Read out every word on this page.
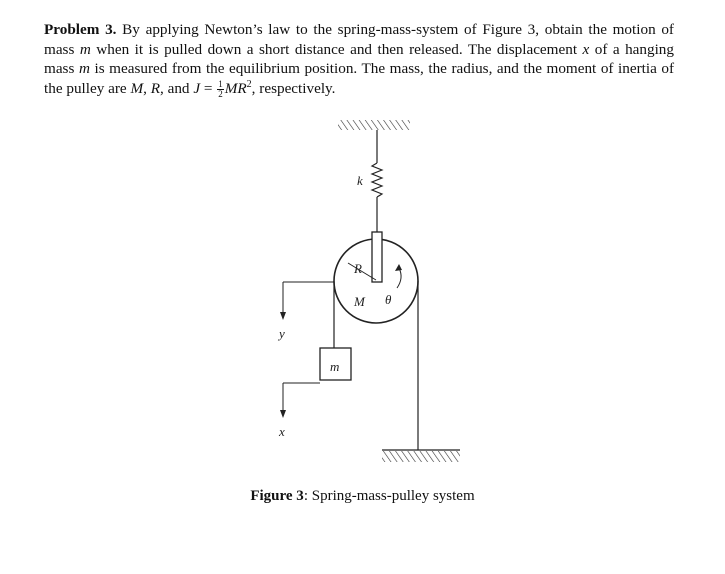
Problem 3. By applying Newton’s law to the spring-mass-system of Figure 3, obtain the motion of mass m when it is pulled down a short distance and then released. The displacement x of a hanging mass m is measured from the equilibrium position. The mass, the radius, and the moment of inertia of the pulley are M, R, and $J = \frac{1}{2} MR^2$, respectively.
k
R
M θ
m
y
x
Figure 3: Spring-mass-pulley system
